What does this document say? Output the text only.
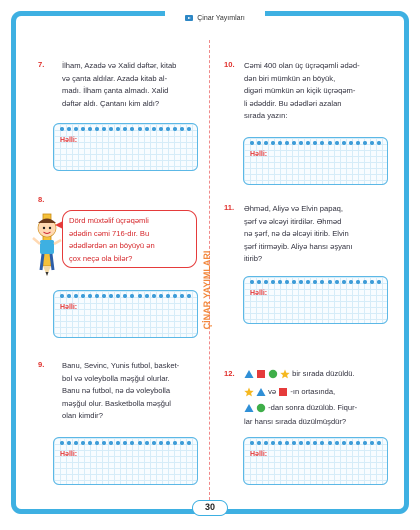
Çinar Yayımları
ÇİNAR YAYIMLARI
7. İlham, Azadə və Xalid dəftər, kitab
və çanta aldılar. Azadə kitab al-
madı. İlham çanta almadı. Xalid
dəftər aldı. Çantanı kim aldı?
Həlli:
8.
Dörd müxtəlif üçrəqəmli
ədədin cəmi 716-dır. Bu
ədədlərdən ən böyüyü ən
çox neçə ola bilər?
Həlli:
9. Banu, Sevinc, Yunis futbol, basket-
bol və voleybolla məşğul olurlar.
Banu nə futbol, nə də voleybolla
məşğul olur. Basketbolla məşğul
olan kimdir?
Həlli:
10. Cəmi 400 olan üç üçrəqəmli ədəd-
dən biri mümkün ən böyük,
digəri mümkün ən kiçik üçrəqəm-
li ədəddir. Bu ədədləri azalan
sırada yazın:
Həlli:
11. Əhməd, Aliyə və Elvin papaq,
şərf və əlcəyi itirdilər. Əhməd
nə şərf, nə də əlcəyi itirib. Elvin
şərf itirməyib. Aliyə hansı əşyanı
itirib?
Həlli:
12.	bir sırada düzüldü.
və -ın ortasında,
-dan sonra düzülüb. Fiqur-
lar hansı sırada düzülmüşdür?
Həlli:
30
